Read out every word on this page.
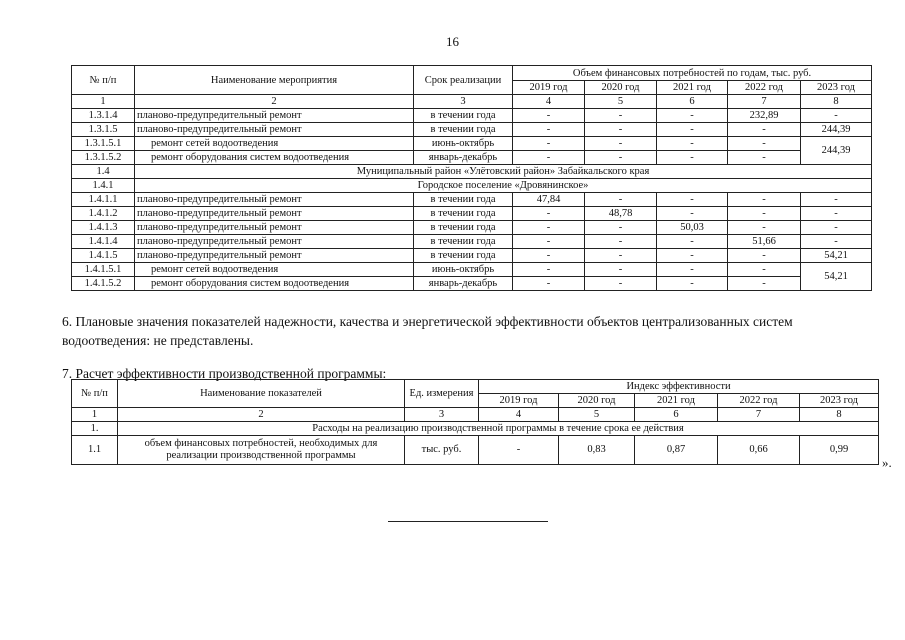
16
№ п/п	Наименование мероприятия	Срок реализации	Объем финансовых потребностей по годам, тыс. руб.				
			2019 год	2020 год	2021 год	2022 год	2023 год
1	2	3	4	5	6	7	8
1.3.1.4	планово-предупредительный ремонт	в течении года	-	-	-	232,89	-
1.3.1.5	планово-предупредительный ремонт	в течении года	-	-	-	-	244,39
1.3.1.5.1	ремонт сетей водоотведения	июнь-октябрь	-	-	-	-	244,39
1.3.1.5.2	ремонт оборудования систем водоотведения	январь-декабрь	-	-	-	-	
1.4	Муниципальный район «Улётовский район» Забайкальского края						
1.4.1	Городское поселение «Дровянинское»						
1.4.1.1	планово-предупредительный ремонт	в течении года	47,84	-	-	-	-
1.4.1.2	планово-предупредительный ремонт	в течении года	-	48,78	-	-	-
1.4.1.3	планово-предупредительный ремонт	в течении года	-	-	50,03	-	-
1.4.1.4	планово-предупредительный ремонт	в течении года	-	-	-	51,66	-
1.4.1.5	планово-предупредительный ремонт	в течении года	-	-	-	-	54,21
1.4.1.5.1	ремонт сетей водоотведения	июнь-октябрь	-	-	-	-	54,21
1.4.1.5.2	ремонт оборудования систем водоотведения	январь-декабрь	-	-	-	-	
6. Плановые значения показателей надежности, качества и энергетической эффективности объектов централизованных систем водоотведения: не представлены.
7. Расчет эффективности производственной программы:
№ п/п	Наименование показателей	Ед. измерения	Индекс эффективности				
			2019 год	2020 год	2021 год	2022 год	2023 год
1	2	3	4	5	6	7	8
1.	Расходы на реализацию производственной программы в течение срока ее действия						
1.1	объем финансовых потребностей, необходимых для реализации производственной программы	тыс. руб.	-	0,83	0,87	0,66	0,99
».
